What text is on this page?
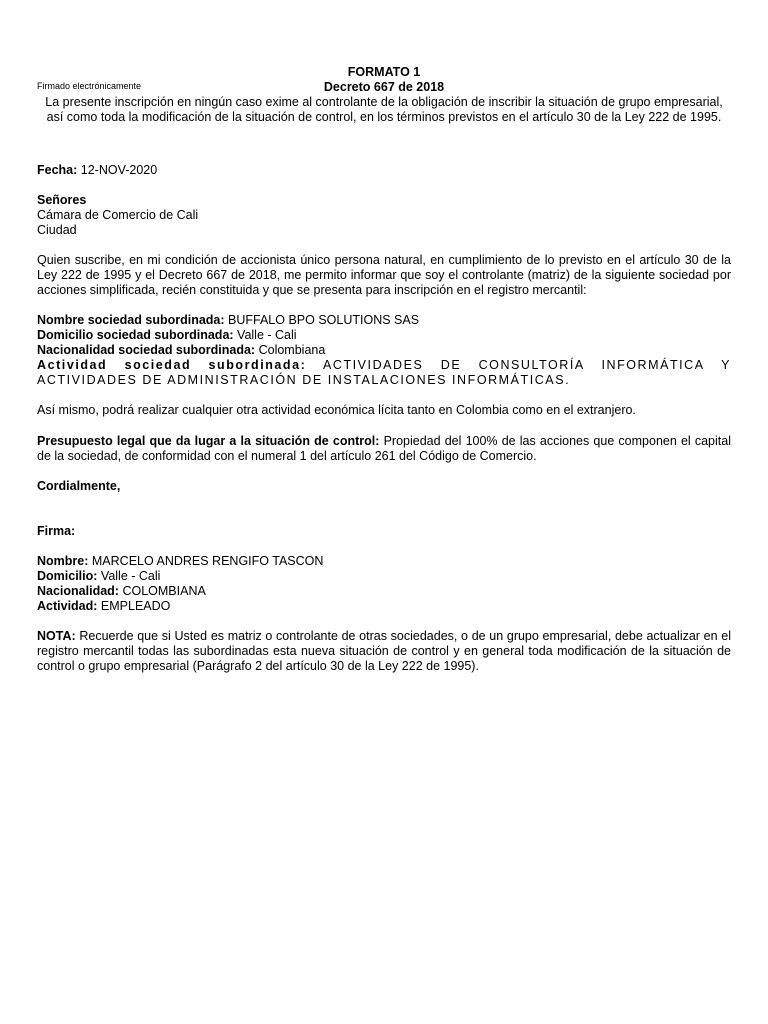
Firmado electrónicamente
FORMATO 1
Decreto 667 de 2018
La presente inscripción en ningún caso exime al controlante de la obligación de inscribir la situación de grupo empresarial,
así como toda la modificación de la situación de control, en los términos previstos en el artículo 30 de la Ley 222 de 1995.
Fecha: 12-NOV-2020
Señores
Cámara de Comercio de Cali
Ciudad
Quien suscribe, en mi condición de accionista único persona natural, en cumplimiento de lo previsto en el artículo 30 de la Ley 222 de 1995 y el Decreto 667 de 2018, me permito informar que soy el controlante (matriz) de la siguiente sociedad por acciones simplificada, recién constituida y que se presenta para inscripción en el registro mercantil:
Nombre sociedad subordinada: BUFFALO BPO SOLUTIONS SAS
Domicilio sociedad subordinada: Valle - Cali
Nacionalidad sociedad subordinada: Colombiana
Actividad sociedad subordinada: ACTIVIDADES DE CONSULTORÍA INFORMÁTICA Y ACTIVIDADES DE ADMINISTRACIÓN DE INSTALACIONES INFORMÁTICAS.
Así mismo, podrá realizar cualquier otra actividad económica lícita tanto en Colombia como en el extranjero.
Presupuesto legal que da lugar a la situación de control: Propiedad del 100% de las acciones que componen el capital de la sociedad, de conformidad con el numeral 1 del artículo 261 del Código de Comercio.
Cordialmente,
Firma:
Nombre: MARCELO ANDRES RENGIFO TASCON
Domicilio: Valle - Cali
Nacionalidad: COLOMBIANA
Actividad: EMPLEADO
NOTA: Recuerde que si Usted es matriz o controlante de otras sociedades, o de un grupo empresarial, debe actualizar en el registro mercantil todas las subordinadas esta nueva situación de control y en general toda modificación de la situación de control o grupo empresarial (Parágrafo 2 del artículo 30 de la Ley 222 de 1995).
